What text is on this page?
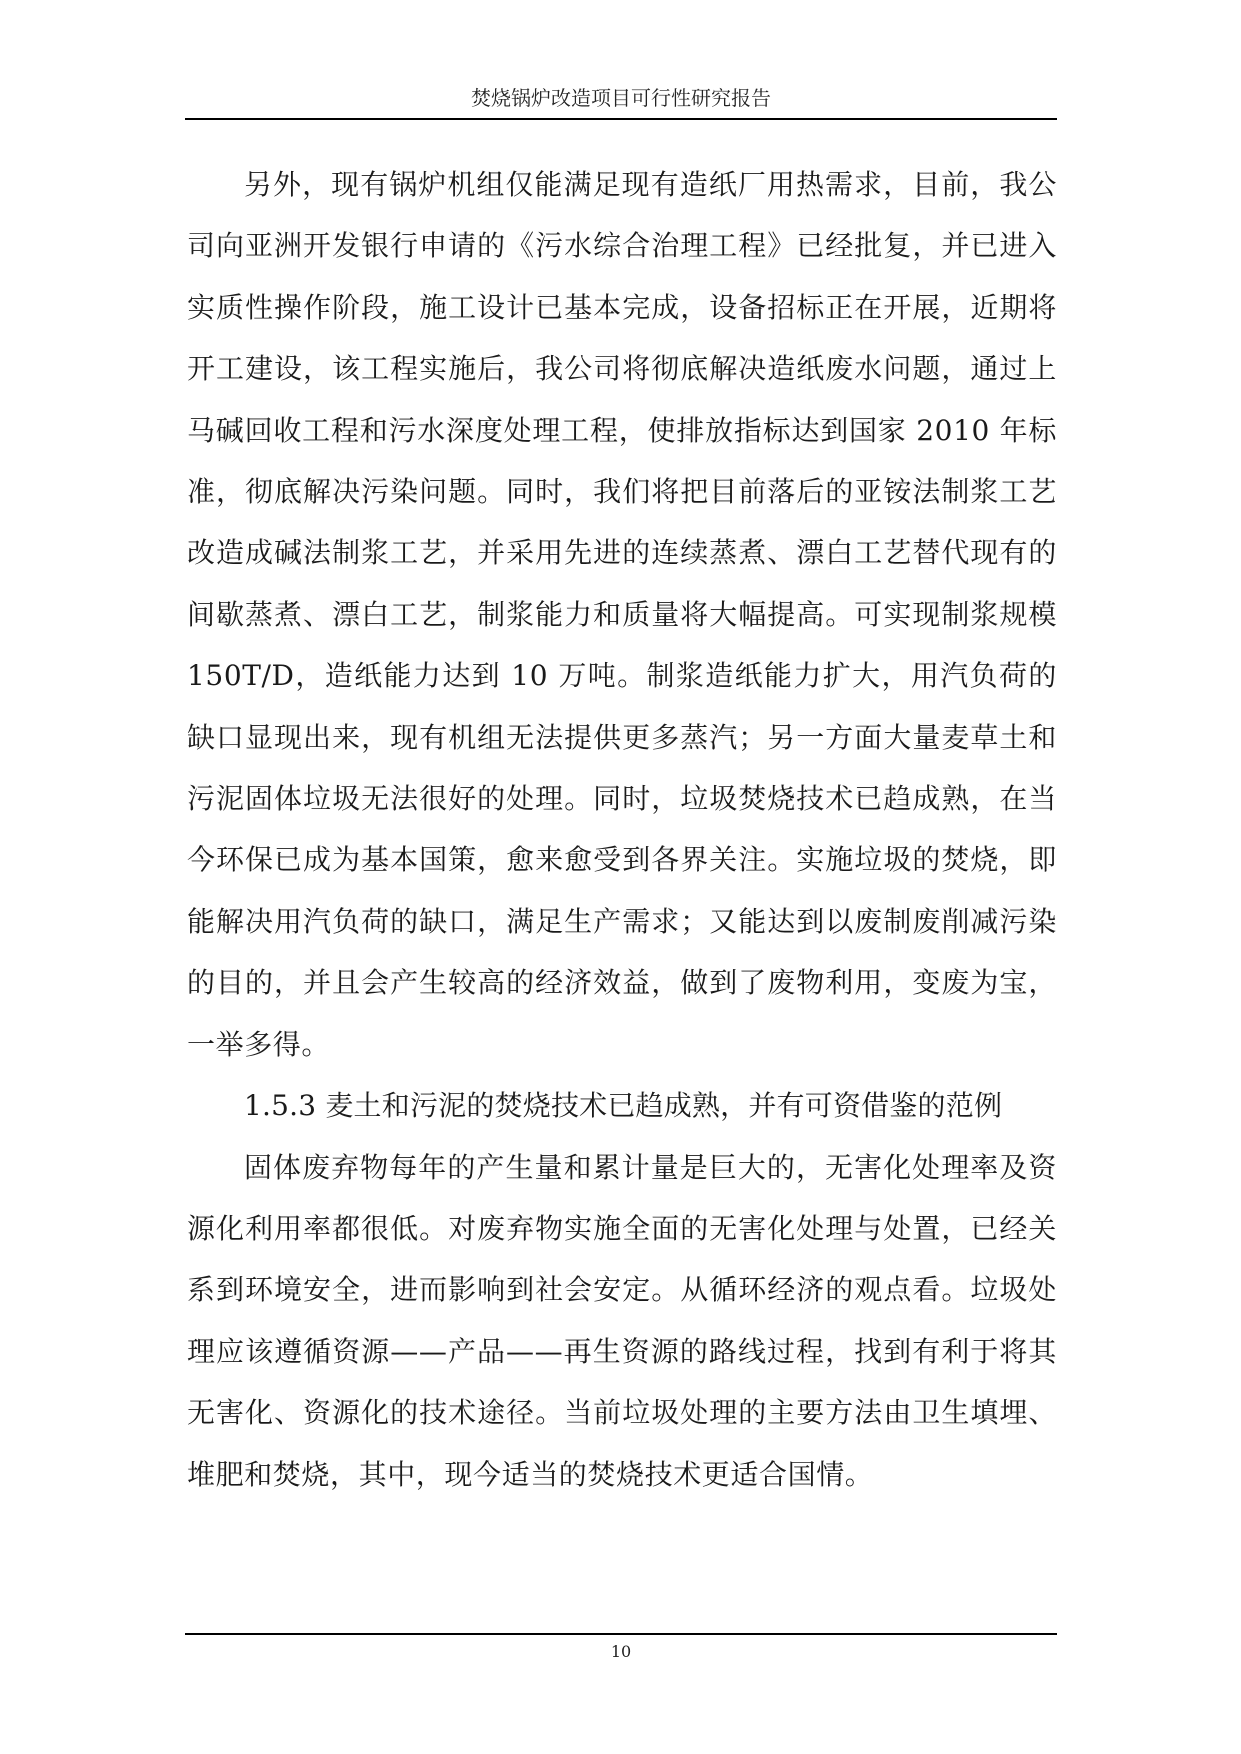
焚烧锅炉改造项目可行性研究报告

另外，现有锅炉机组仅能满足现有造纸厂用热需求，目前，我公司向亚洲开发银行申请的《污水综合治理工程》已经批复，并已进入实质性操作阶段，施工设计已基本完成，设备招标正在开展，近期将开工建设，该工程实施后，我公司将彻底解决造纸废水问题，通过上马碱回收工程和污水深度处理工程，使排放指标达到国家 2010 年标准，彻底解决污染问题。同时，我们将把目前落后的亚铵法制浆工艺改造成碱法制浆工艺，并采用先进的连续蒸煮、漂白工艺替代现有的间歇蒸煮、漂白工艺，制浆能力和质量将大幅提高。可实现制浆规模 150T/D，造纸能力达到 10 万吨。制浆造纸能力扩大，用汽负荷的缺口显现出来，现有机组无法提供更多蒸汽；另一方面大量麦草土和污泥固体垃圾无法很好的处理。同时，垃圾焚烧技术已趋成熟，在当今环保已成为基本国策，愈来愈受到各界关注。实施垃圾的焚烧，即能解决用汽负荷的缺口，满足生产需求；又能达到以废制废削减污染的目的，并且会产生较高的经济效益，做到了废物利用，变废为宝，一举多得。

1.5.3 麦土和污泥的焚烧技术已趋成熟，并有可资借鉴的范例

固体废弃物每年的产生量和累计量是巨大的，无害化处理率及资源化利用率都很低。对废弃物实施全面的无害化处理与处置，已经关系到环境安全，进而影响到社会安定。从循环经济的观点看。垃圾处理应该遵循资源——产品——再生资源的路线过程，找到有利于将其无害化、资源化的技术途径。当前垃圾处理的主要方法由卫生填埋、堆肥和焚烧，其中，现今适当的焚烧技术更适合国情。

10
